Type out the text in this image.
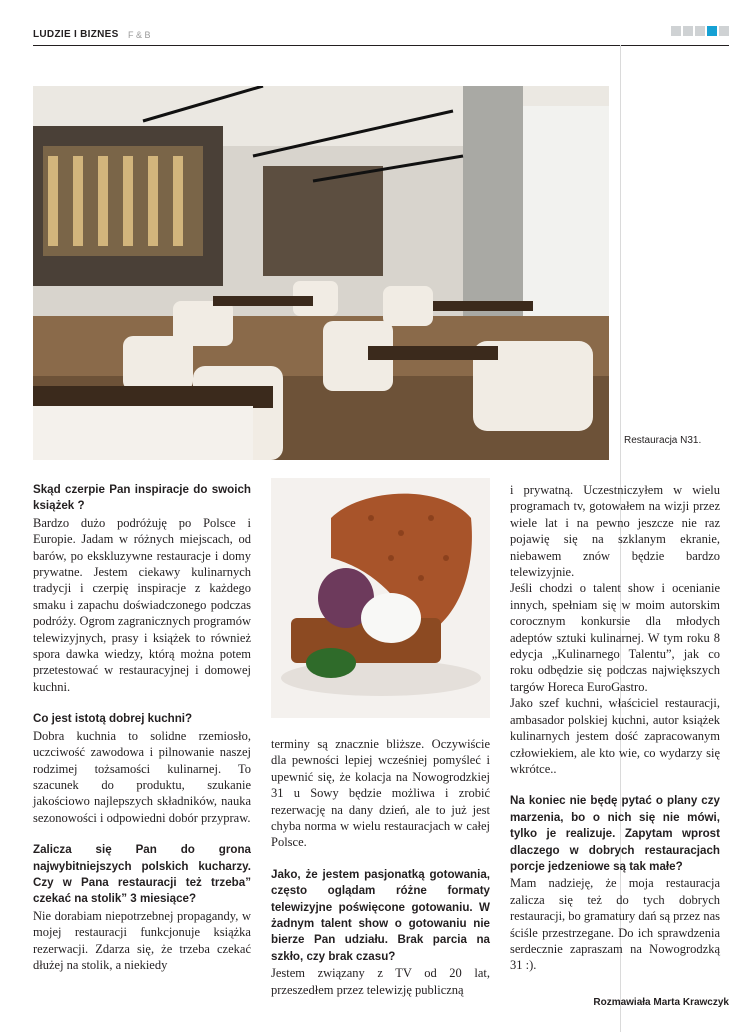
LUDZIE I BIZNES F & B
Restauracja N31.

Skąd czerpie Pan inspiracje do swoich książek ?

Bardzo dużo podróżuję po Polsce i Europie. Jadam w różnych miejscach, od barów, po ekskluzywne restauracje i domy prywatne. Jestem ciekawy kulinarnych tradycji i czerpię inspiracje z każdego smaku i zapachu doświadczonego podczas podróży. Ogrom zagranicznych programów telewizyjnych, prasy i książek to również spora dawka wiedzy, którą można potem przetestować w restauracyjnej i domowej kuchni.

Co jest istotą dobrej kuchni?

Dobra kuchnia to solidne rzemiosło, uczciwość zawodowa i pilnowanie naszej rodzimej tożsamości kulinarnej. To szacunek do produktu, szukanie jakościowo najlepszych składników, nauka sezonowości i odpowiedni dobór przypraw.

Zalicza się Pan do grona najwybitniejszych polskich kucharzy. Czy w Pana restauracji też trzeba” czekać na stolik” 3 miesiące?

Nie dorabiam niepotrzebnej propagandy, w mojej restauracji funkcjonuje książka rezerwacji. Zdarza się, że trzeba czekać dłużej na stolik, a niekiedy

terminy są znacznie bliższe. Oczywiście dla pewności lepiej wcześniej pomyśleć i upewnić się, że kolacja na Nowogrodzkiej 31 u Sowy będzie możliwa i zrobić rezerwację na dany dzień, ale to już jest chyba norma w wielu restauracjach w całej Polsce.

Jako, że jestem pasjonatką gotowania, często oglądam różne formaty telewizyjne poświęcone gotowaniu. W żadnym talent show o gotowaniu nie bierze Pan udziału. Brak parcia na szkło, czy brak czasu?

Jestem związany z TV od 20 lat, przeszedłem przez telewizję publiczną

i prywatną. Uczestniczyłem w wielu programach tv, gotowałem na wizji przez wiele lat i na pewno jeszcze nie raz pojawię się na szklanym ekranie, niebawem znów będzie bardzo telewizyjnie.

Jeśli chodzi o talent show i ocenianie innych, spełniam się w moim autorskim corocznym konkursie dla młodych adeptów sztuki kulinarnej. W tym roku 8 edycja „Kulinarnego Talentu”, jak co roku odbędzie się podczas największych targów Horeca EuroGastro.

Jako szef kuchni, właściciel restauracji, ambasador polskiej kuchni, autor książek kulinarnych jestem dość zapracowanym człowiekiem, ale kto wie, co wydarzy się wkrótce..

Na koniec nie będę pytać o plany czy marzenia, bo o nich się nie mówi, tylko je realizuje. Zapytam wprost dlaczego w dobrych restauracjach porcje jedzeniowe są tak małe?

Mam nadzieję, że moja restauracja zalicza się też do tych dobrych restauracji, bo gramatury dań są przez nas ściśle przestrzegane. Do ich sprawdzenia serdecznie zapraszam na Nowogrodzką 31 :).

Rozmawiała Marta Krawczyk
